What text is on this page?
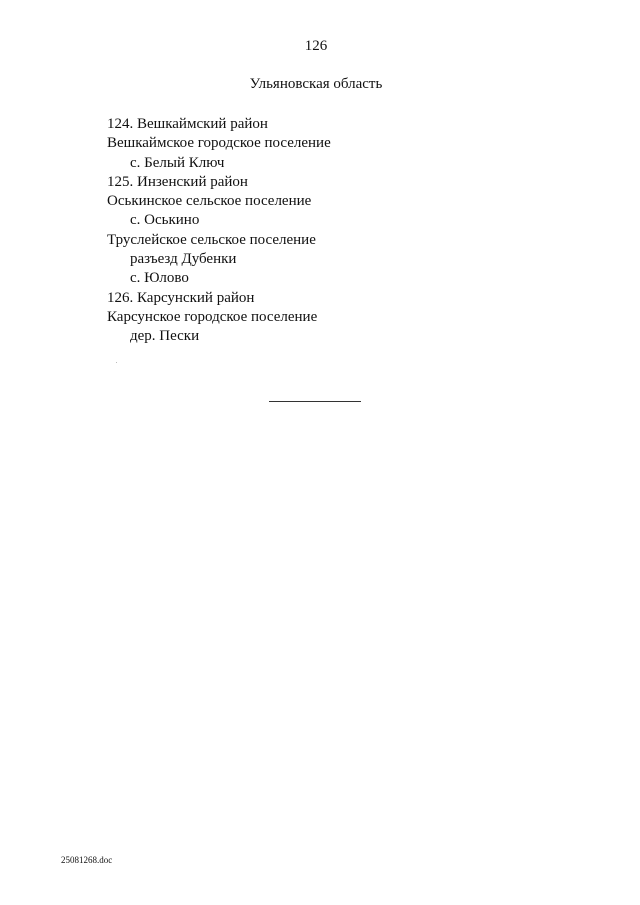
126
Ульяновская область
124. Вешкаймский район
Вешкаймское городское поселение
с. Белый Ключ
125. Инзенский район
Оськинское сельское поселение
с. Оськино
Труслейское сельское поселение
разъезд Дубенки
с. Юлово
126. Карсунский район
Карсунское городское поселение
дер. Пески
25081268.doc
